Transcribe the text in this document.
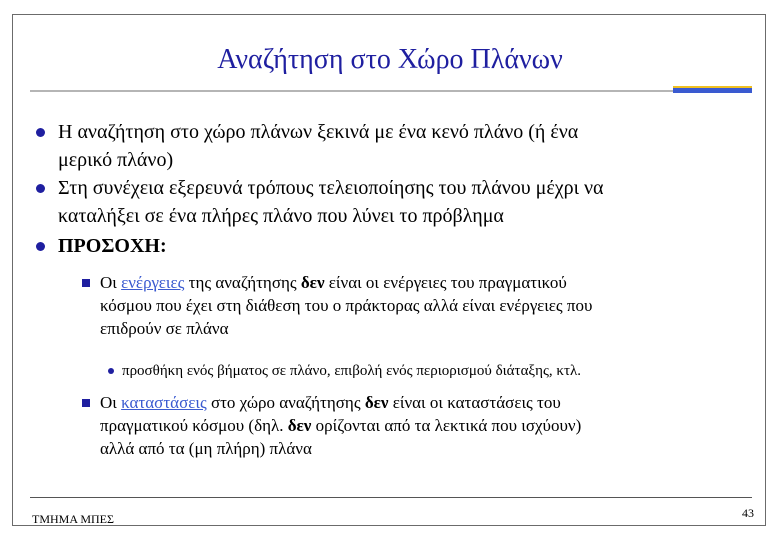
Αναζήτηση στο Χώρο Πλάνων
Η αναζήτηση στο χώρο πλάνων ξεκινά με ένα κενό πλάνο (ή ένα
μερικό πλάνο)
Στη συνέχεια εξερευνά τρόπους τελειοποίησης του πλάνου μέχρι να
καταλήξει σε ένα πλήρες πλάνο που λύνει το πρόβλημα
ΠΡΟΣΟΧΗ:
Οι ενέργειες της αναζήτησης δεν είναι οι ενέργειες του πραγματικού
κόσμου που έχει στη διάθεση του ο πράκτορας αλλά είναι ενέργειες που
επιδρούν σε πλάνα
προσθήκη ενός βήματος σε πλάνο, επιβολή ενός περιορισμού διάταξης, κτλ.
Οι καταστάσεις στο χώρο αναζήτησης δεν είναι οι καταστάσεις του
πραγματικού κόσμου (δηλ. δεν ορίζονται από τα λεκτικά που ισχύουν)
αλλά από τα (μη πλήρη) πλάνα
ΤΜΗΜΑ ΜΠΕΣ	43
